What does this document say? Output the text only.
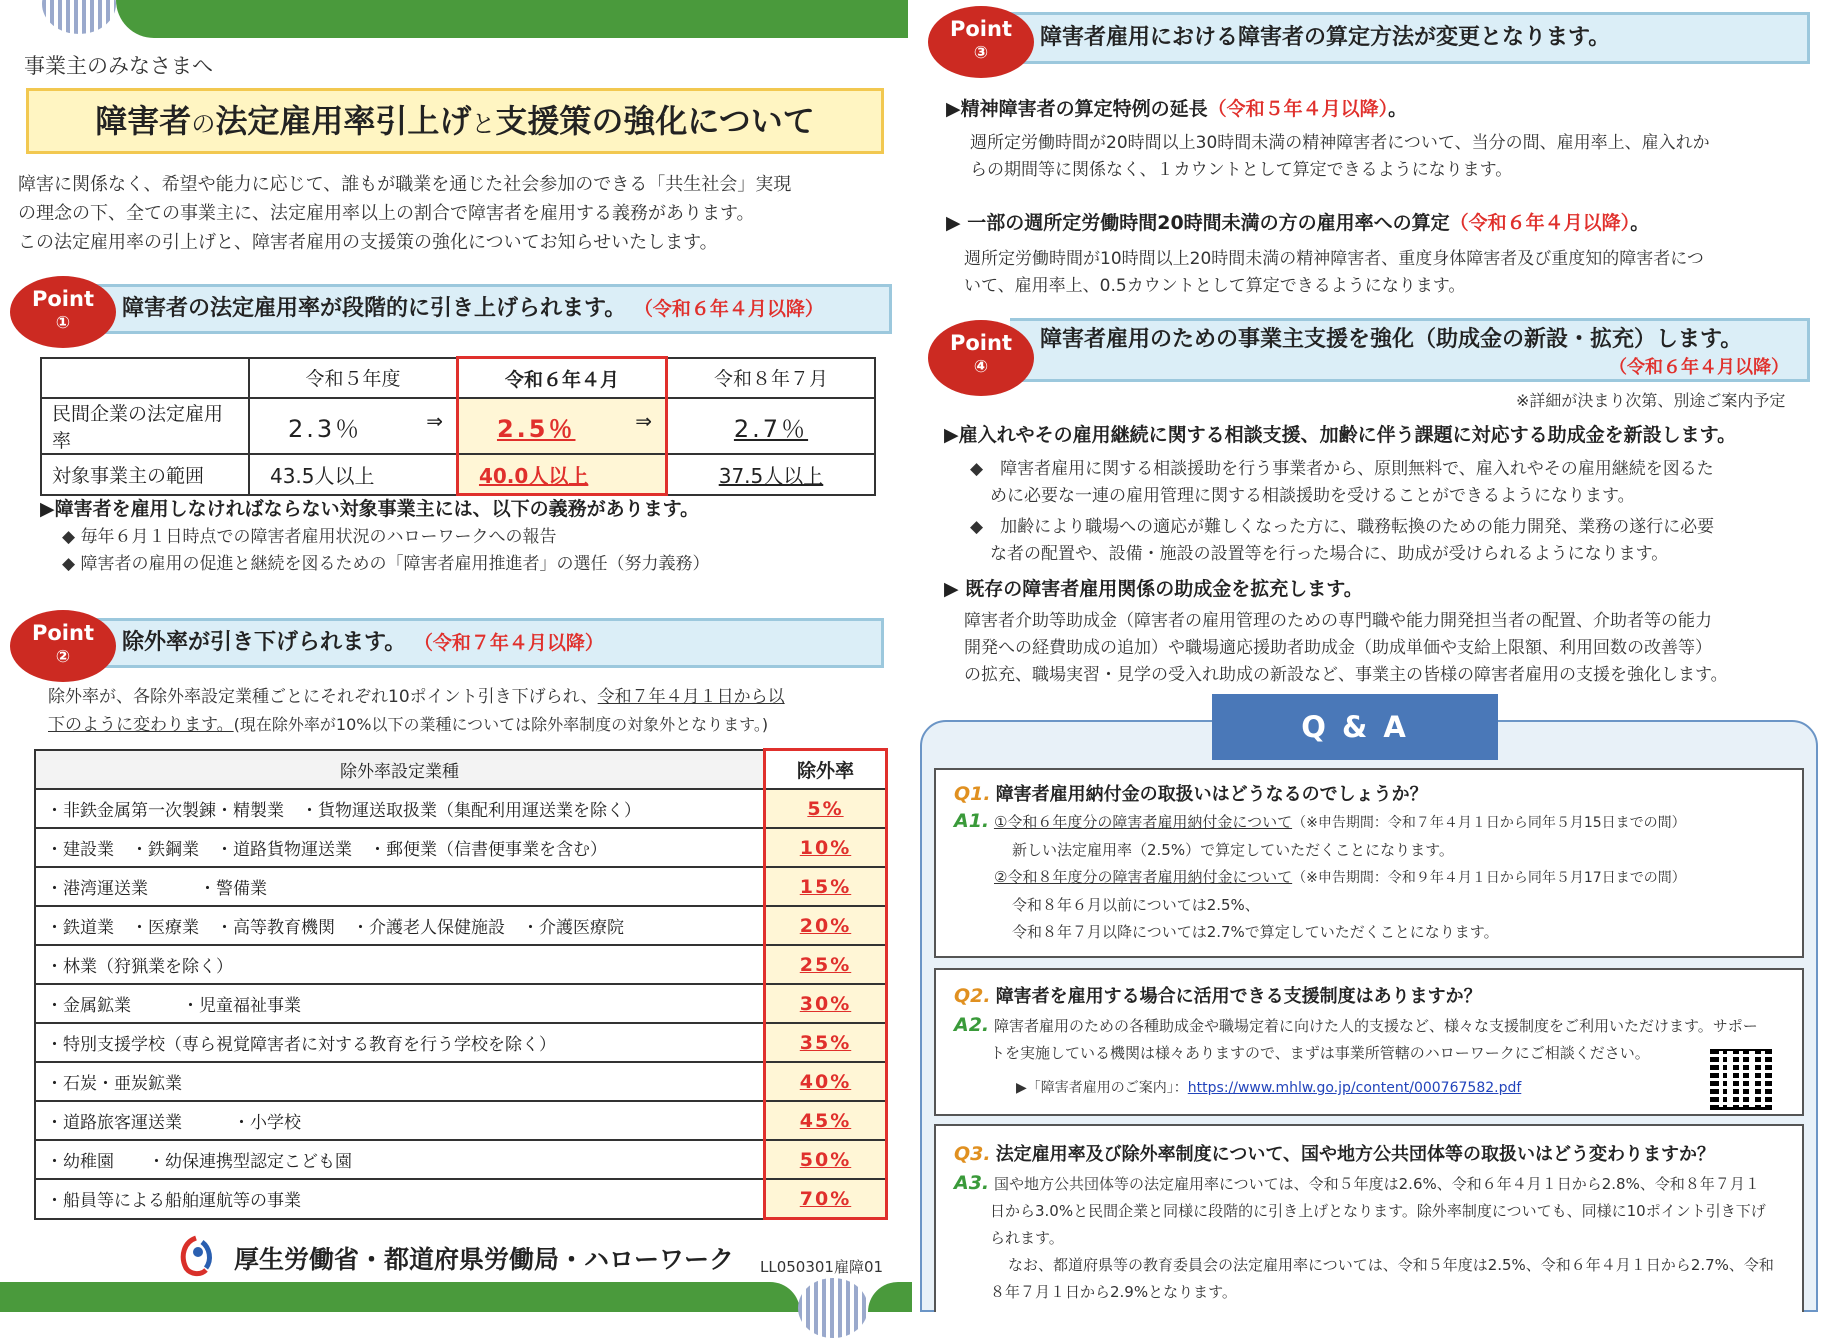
事業主のみなさまへ
障害者の法定雇用率引上げと支援策の強化について
障害に関係なく、希望や能力に応じて、誰もが職業を通じた社会参加のできる「共生社会」実現
の理念の下、全ての事業主に、法定雇用率以上の割合で障害者を雇用する義務があります。
この法定雇用率の引上げと、障害者雇用の支援策の強化についてお知らせいたします。
Point
①
障害者の法定雇用率が段階的に引き上げられます。 （令和６年４月以降）
	令和５年度	令和６年４月	令和８年７月
民間企業の法定雇用率	2.3％ ⇒	2.5％ ⇒	2.7％
対象事業主の範囲	43.5人以上	40.0人以上	37.5人以上
▶障害者を雇用しなければならない対象事業主には、以下の義務があります。
◆ 毎年６月１日時点での障害者雇用状況のハローワークへの報告
◆ 障害者の雇用の促進と継続を図るための「障害者雇用推進者」の選任（努力義務）
Point
②
除外率が引き下げられます。 （令和７年４月以降）
除外率が、各除外率設定業種ごとにそれぞれ10ポイント引き下げられ、令和７年４月１日から以
下のように変わります。(現在除外率が10%以下の業種については除外率制度の対象外となります。)
除外率設定業種	除外率
・非鉄金属第一次製錬・精製業　・貨物運送取扱業（集配利用運送業を除く）	5%
・建設業　・鉄鋼業　・道路貨物運送業　・郵便業（信書便事業を含む）	10%
・港湾運送業　　　・警備業	15%
・鉄道業　・医療業　・高等教育機関　・介護老人保健施設　・介護医療院	20%
・林業（狩猟業を除く）	25%
・金属鉱業　　　・児童福祉事業	30%
・特別支援学校（専ら視覚障害者に対する教育を行う学校を除く）	35%
・石炭・亜炭鉱業	40%
・道路旅客運送業　　　・小学校	45%
・幼稚園　　・幼保連携型認定こども園	50%
・船員等による船舶運航等の事業	70%
厚生労働省・都道府県労働局・ハローワーク LL050301雇障01
Point
③
障害者雇用における障害者の算定方法が変更となります。
▶精神障害者の算定特例の延長（令和５年４月以降）。
週所定労働時間が20時間以上30時間未満の精神障害者について、当分の間、雇用率上、雇入れか
らの期間等に関係なく、１カウントとして算定できるようになります。
▶ 一部の週所定労働時間20時間未満の方の雇用率への算定（令和６年４月以降）。
週所定労働時間が10時間以上20時間未満の精神障害者、重度身体障害者及び重度知的障害者につ
いて、雇用率上、0.5カウントとして算定できるようになります。
Point
④
障害者雇用のための事業主支援を強化（助成金の新設・拡充）します。
（令和６年４月以降）
※詳細が決まり次第、別途ご案内予定
▶雇入れやその雇用継続に関する相談支援、加齢に伴う課題に対応する助成金を新設します。
◆　障害者雇用に関する相談援助を行う事業者から、原則無料で、雇入れやその雇用継続を図るた
めに必要な一連の雇用管理に関する相談援助を受けることができるようになります。
◆　加齢により職場への適応が難しくなった方に、職務転換のための能力開発、業務の遂行に必要
な者の配置や、設備・施設の設置等を行った場合に、助成が受けられるようになります。
▶ 既存の障害者雇用関係の助成金を拡充します。
障害者介助等助成金（障害者の雇用管理のための専門職や能力開発担当者の配置、介助者等の能力
開発への経費助成の追加）や職場適応援助者助成金（助成単価や支給上限額、利用回数の改善等）
の拡充、職場実習・見学の受入れ助成の新設など、事業主の皆様の障害者雇用の支援を強化します。
Q & A
Q1. 障害者雇用納付金の取扱いはどうなるのでしょうか？
A1. ①令和６年度分の障害者雇用納付金について（※申告期間：令和７年４月１日から同年５月15日までの間）
新しい法定雇用率（2.5%）で算定していただくことになります。
②令和８年度分の障害者雇用納付金について（※申告期間：令和９年４月１日から同年５月17日までの間）
令和８年６月以前については2.5%、
令和８年７月以降については2.7%で算定していただくことになります。
Q2. 障害者を雇用する場合に活用できる支援制度はありますか？
A2. 障害者雇用のための各種助成金や職場定着に向けた人的支援など、様々な支援制度をご利用いただけます。サポー
トを実施している機関は様々ありますので、まずは事業所管轄のハローワークにご相談ください。
▶「障害者雇用のご案内」：https://www.mhlw.go.jp/content/000767582.pdf
Q3. 法定雇用率及び除外率制度について、国や地方公共団体等の取扱いはどう変わりますか？
A3. 国や地方公共団体等の法定雇用率については、令和５年度は2.6%、令和６年４月１日から2.8%、令和８年７月１
日から3.0%と民間企業と同様に段階的に引き上げとなります。除外率制度についても、同様に10ポイント引き下げ
られます。
なお、都道府県等の教育委員会の法定雇用率については、令和５年度は2.5%、令和６年４月１日から2.7%、令和
８年７月１日から2.9%となります。
